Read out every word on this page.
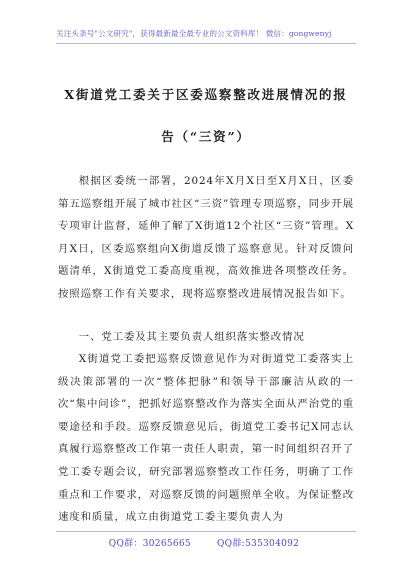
关注头条号"公文研究"，获得最新最全最专业的公文资料库！ 微信：gongwenyj
X街道党工委关于区委巡察整改进展情况的报告（“三资”）

根据区委统一部署，2024年X月X日至X月X日，区委第五巡察组开展了城市社区“三资”管理专项巡察，同步开展专项审计监督，延伸了解了X街道12个社区“三资”管理。X月X日，区委巡察组向X街道反馈了巡察意见。针对反馈问题清单，X街道党工委高度重视，高效推进各项整改任务。按照巡察工作有关要求，现将巡察整改进展情况报告如下。

一、党工委及其主要负责人组织落实整改情况

X街道党工委把巡察反馈意见作为对街道党工委落实上级决策部署的一次“整体把脉”和领导干部廉洁从政的一次“集中问诊”，把抓好巡察整改作为落实全面从严治党的重要途径和手段。巡察反馈意见后，街道党工委书记X同志认真履行巡察整改工作第一责任人职责，第一时间组织召开了党工委专题会议，研究部署巡察整改工作任务，明确了工作重点和工作要求，对巡察反馈的问题照单全收。为保证整改速度和质量，成立由街道党工委主要负责人为

QQ群：30265665	QQ群:535304092
